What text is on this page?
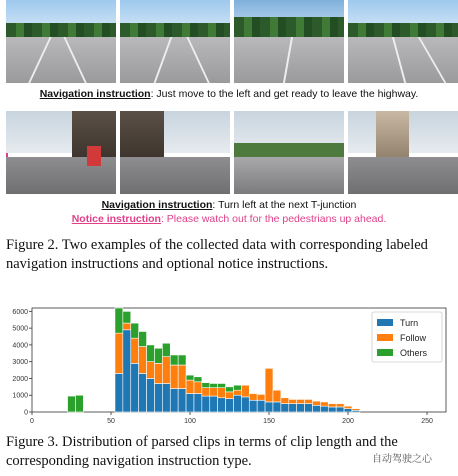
Navigation instruction: Just move to the left and get ready to leave the highway.
Navigation instruction: Turn left at the next T-junction
Notice instruction: Please watch out for the pedestrians up ahead.
Figure 2. Two examples of the collected data with corresponding labeled navigation instructions and optional notice instructions.
0
1000
2000
3000
4000
5000
6000
0	50	100	150	200	250
Turn
Follow
Others
Figure 3. Distribution of parsed clips in terms of clip length and the corresponding navigation instruction type.	自动驾驶之心
